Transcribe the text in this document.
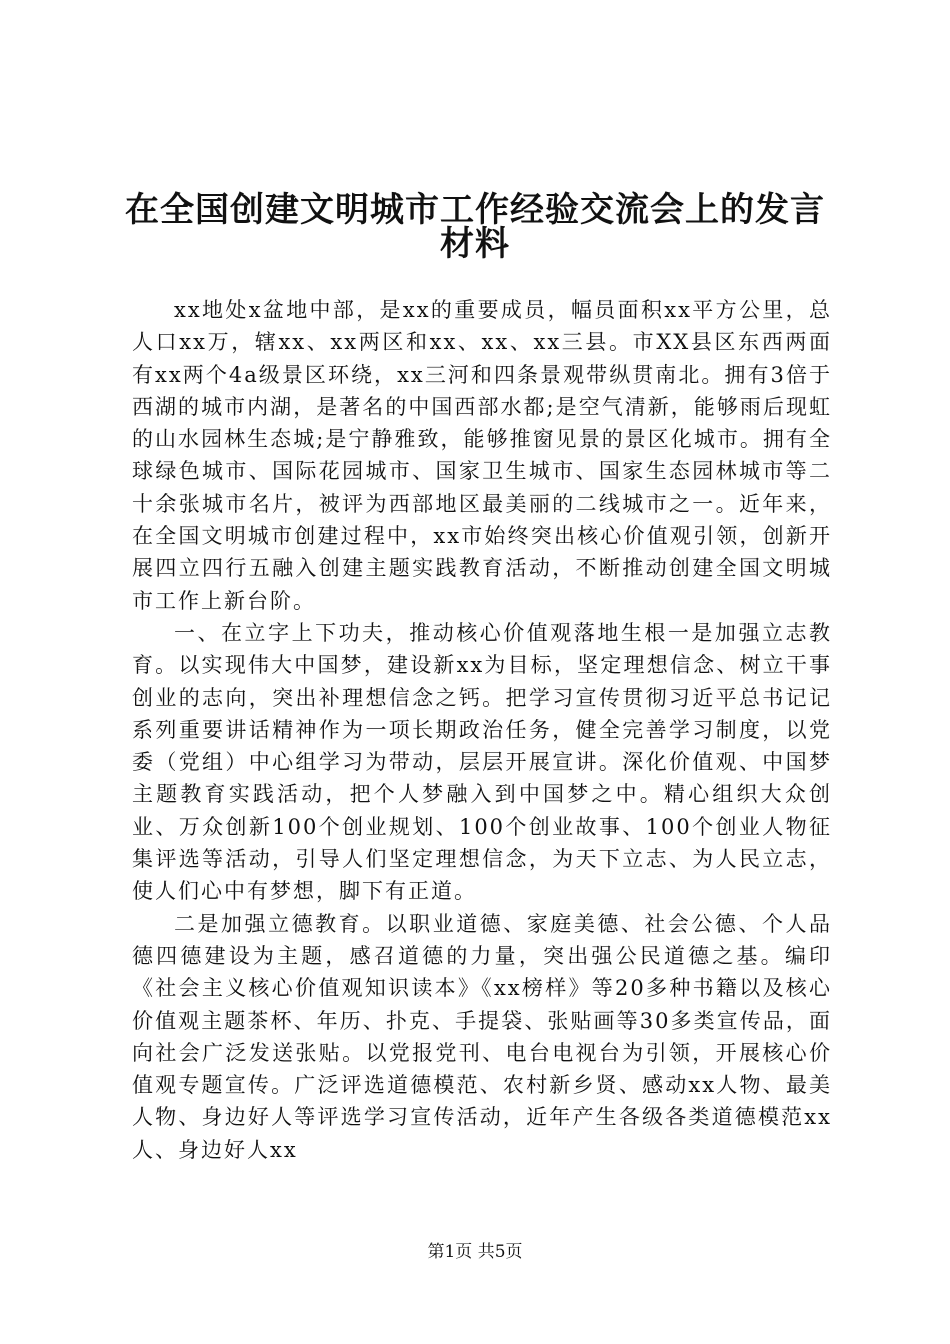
在全国创建文明城市工作经验交流会上的发言
材料

xx地处x盆地中部，是xx的重要成员，幅员面积xx平方公里，总人口xx万，辖xx、xx两区和xx、xx、xx三县。市XX县区东西两面有xx两个4a级景区环绕，xx三河和四条景观带纵贯南北。拥有3倍于西湖的城市内湖，是著名的中国西部水都;是空气清新，能够雨后现虹的山水园林生态城;是宁静雅致，能够推窗见景的景区化城市。拥有全球绿色城市、国际花园城市、国家卫生城市、国家生态园林城市等二十余张城市名片，被评为西部地区最美丽的二线城市之一。近年来，在全国文明城市创建过程中，xx市始终突出核心价值观引领，创新开展四立四行五融入创建主题实践教育活动，不断推动创建全国文明城市工作上新台阶。

一、在立字上下功夫，推动核心价值观落地生根一是加强立志教育。以实现伟大中国梦，建设新xx为目标，坚定理想信念、树立干事创业的志向，突出补理想信念之钙。把学习宣传贯彻习近平总书记记系列重要讲话精神作为一项长期政治任务，健全完善学习制度，以党委（党组）中心组学习为带动，层层开展宣讲。深化价值观、中国梦主题教育实践活动，把个人梦融入到中国梦之中。精心组织大众创业、万众创新100个创业规划、100个创业故事、100个创业人物征集评选等活动，引导人们坚定理想信念，为天下立志、为人民立志，使人们心中有梦想，脚下有正道。

二是加强立德教育。以职业道德、家庭美德、社会公德、个人品德四德建设为主题，感召道德的力量，突出强公民道德之基。编印《社会主义核心价值观知识读本》《xx榜样》等20多种书籍以及核心价值观主题茶杯、年历、扑克、手提袋、张贴画等30多类宣传品，面向社会广泛发送张贴。以党报党刊、电台电视台为引领，开展核心价值观专题宣传。广泛评选道德模范、农村新乡贤、感动xx人物、最美人物、身边好人等评选学习宣传活动，近年产生各级各类道德模范xx人、身边好人xx

第1页 共5页
